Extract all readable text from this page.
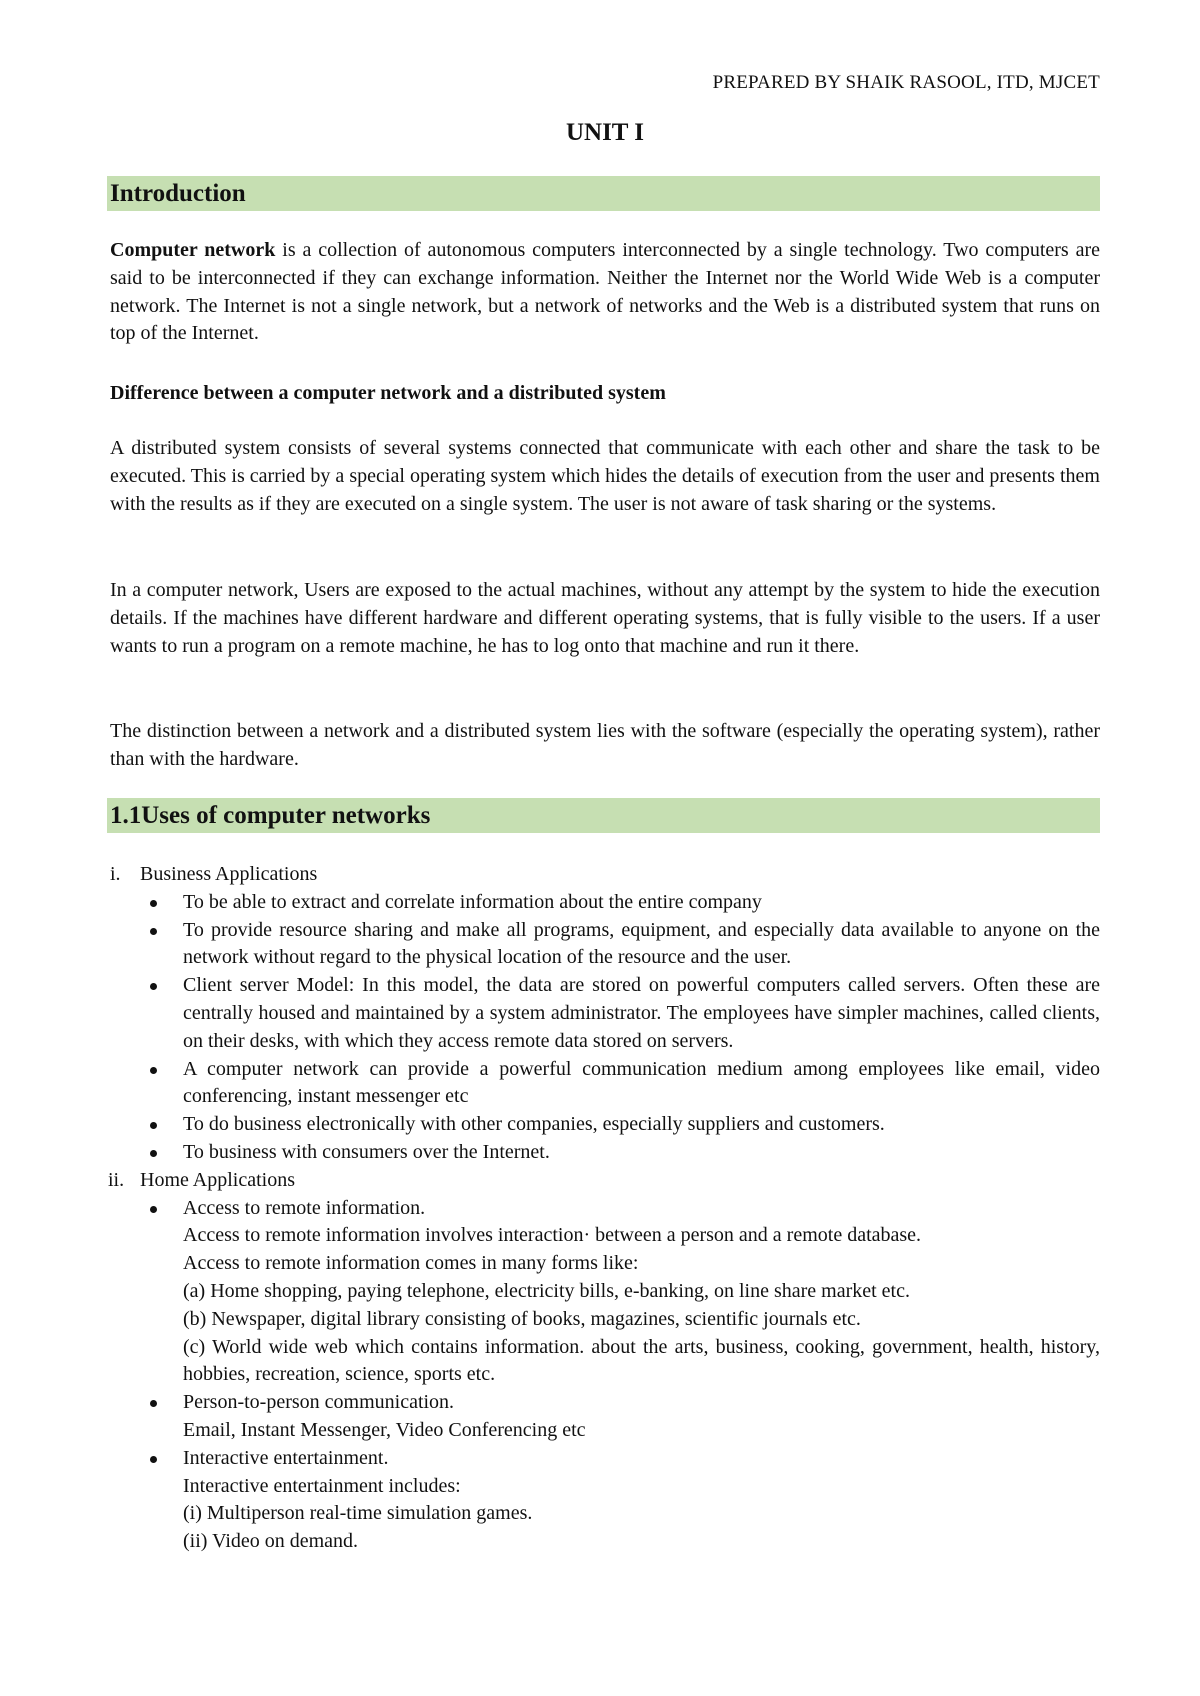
PREPARED BY SHAIK RASOOL, ITD, MJCET
UNIT I
Introduction

Computer network is a collection of autonomous computers interconnected by a single technology. Two computers are said to be interconnected if they can exchange information. Neither the Internet nor the World Wide Web is a computer network. The Internet is not a single network, but a network of networks and the Web is a distributed system that runs on top of the Internet.

Difference between a computer network and a distributed system

A distributed system consists of several systems connected that communicate with each other and share the task to be executed. This is carried by a special operating system which hides the details of execution from the user and presents them with the results as if they are executed on a single system. The user is not aware of task sharing or the systems.

In a computer network, Users are exposed to the actual machines, without any attempt by the system to hide the execution details. If the machines have different hardware and different operating systems, that is fully visible to the users. If a user wants to run a program on a remote machine, he has to log onto that machine and run it there.

The distinction between a network and a distributed system lies with the software (especially the operating system), rather than with the hardware.

1.1Uses of computer networks
i. Business Applications
To be able to extract and correlate information about the entire company
To provide resource sharing and make all programs, equipment, and especially data available to anyone on the network without regard to the physical location of the resource and the user.
Client server Model: In this model, the data are stored on powerful computers called servers. Often these are centrally housed and maintained by a system administrator. The employees have simpler machines, called clients, on their desks, with which they access remote data stored on servers.
A computer network can provide a powerful communication medium among employees like email, video conferencing, instant messenger etc
To do business electronically with other companies, especially suppliers and customers.
To business with consumers over the Internet.
ii. Home Applications
Access to remote information.
Access to remote information involves interaction· between a person and a remote database.
Access to remote information comes in many forms like:
(a) Home shopping, paying telephone, electricity bills, e-banking, on line share market etc.
(b) Newspaper, digital library consisting of books, magazines, scientific journals etc.
(c) World wide web which contains information. about the arts, business, cooking, government, health, history, hobbies, recreation, science, sports etc.
Person-to-person communication.
Email, Instant Messenger, Video Conferencing etc
Interactive entertainment.
Interactive entertainment includes:
(i) Multiperson real-time simulation games.
(ii) Video on demand.
